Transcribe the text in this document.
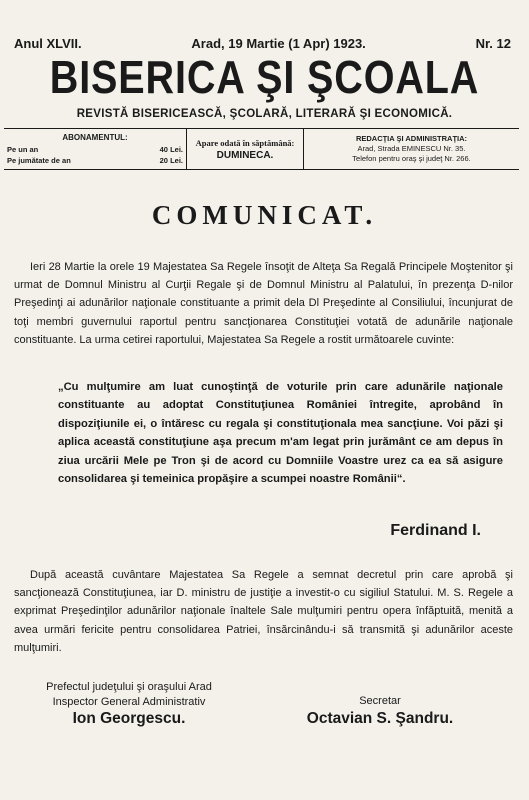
Anul XLVII.	Arad, 19 Martie (1 Apr) 1923.	Nr. 12
BISERICA ŞI ŞCOALA
REVISTĂ BISERICEASCĂ, ŞCOLARĂ, LITERARĂ ŞI ECONOMICĂ.
ABONAMENTUL:
Pe un an	40 Lei.
Pe jumătate de an	20 Lei.
Apare odată în săptămână:
DUMINECA.
REDACŢIA ŞI ADMINISTRAŢIA:
Arad, Strada EMINESCU Nr. 35.
Telefon pentru oraş şi judeţ Nr. 266.
COMUNICAT.
Ieri 28 Martie la orele 19 Majestatea Sa Regele însoţit de Alteţa Sa Regală Principele Moştenitor şi urmat de Domnul Ministru al Curţii Regale şi de Domnul Ministru al Palatului, în prezenţa D-nilor Preşedinţi ai adunărilor naţionale constituante a primit dela Dl Preşedinte al Consiliului, încunjurat de toţi membri guvernului raportul pentru sancţionarea Constituţiei votată de adunările naţionale constituante. La urma cetirei raportului, Majestatea Sa Regele a rostit următoarele cuvinte:
„Cu mulţumire am luat cunoştinţă de voturile prin care adunările naţionale constituante au adoptat Constituţiunea României întregite, aprobând în dispoziţiunile ei, o întăresc cu regala şi constituţionala mea sancţiune. Voi păzi şi aplica această constituţiune aşa precum m'am legat prin jurământ ce am depus în ziua urcării Mele pe Tron şi de acord cu Domniile Voastre urez ca ea să asigure consolidarea şi temeinica propăşire a scumpei noastre Românii“.
Ferdinand I.
După această cuvântare Majestatea Sa Regele a semnat decretul prin care aprobă şi sancţionează Constituţiunea, iar D. ministru de justiţie a investit-o cu sigiliul Statului. M. S. Regele a exprimat Preşedinţilor adunărilor naţionale înaltele Sale mulţumiri pentru opera înfăptuită, menită a avea urmări fericite pentru consolidarea Patriei, însărcinându-i să transmită şi adunărilor aceste mulţumiri.
Prefectul judeţului şi oraşului Arad
Inspector General Administrativ
Ion Georgescu.
Secretar
Octavian S. Şandru.
